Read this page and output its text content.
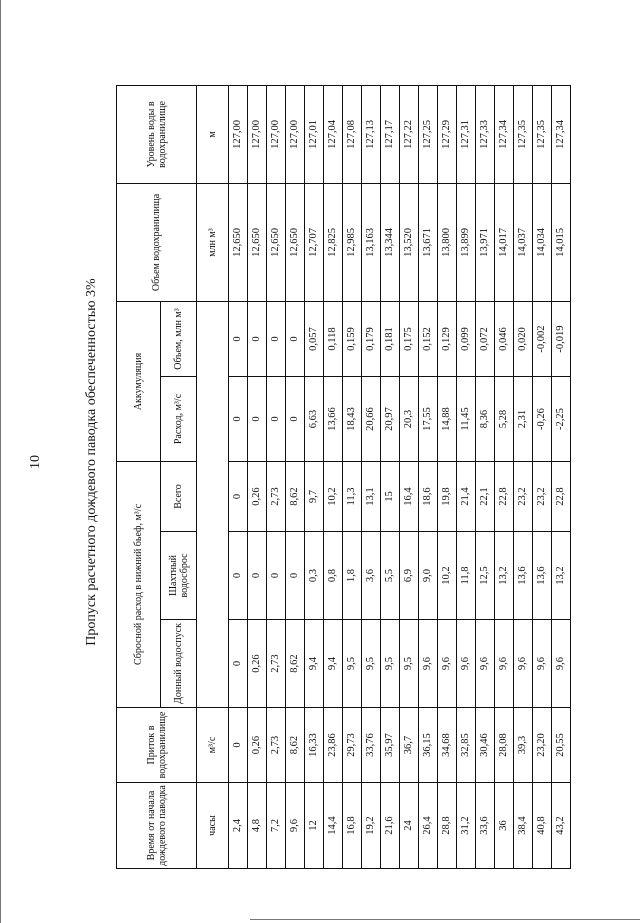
10	Пропуск расчетного дождевого паводка обеспеченностью 3%
Время от начала дождевого паводка	Приток в водохранилище	Сбросной расход в нижний бьеф, м³/с			Аккумуляция		Объем водохранилища	Уровень воды в водохранилище
		Донный водоспуск	Шахтный водосброс	Всего	Расход, м³/с	Объем, млн м³		
часы	м³/с						млн м³	м
2,4	0	0	0	0	0	0	12,650	127,00
4,8	0,26	0,26	0	0,26	0	0	12,650	127,00
7,2	2,73	2,73	0	2,73	0	0	12,650	127,00
9,6	8,62	8,62	0	8,62	0	0	12,650	127,00
12	16,33	9,4	0,3	9,7	6,63	0,057	12,707	127,01
14,4	23,86	9,4	0,8	10,2	13,66	0,118	12,825	127,04
16,8	29,73	9,5	1,8	11,3	18,43	0,159	12,985	127,08
19,2	33,76	9,5	3,6	13,1	20,66	0,179	13,163	127,13
21,6	35,97	9,5	5,5	15	20,97	0,181	13,344	127,17
24	36,7	9,5	6,9	16,4	20,3	0,175	13,520	127,22
26,4	36,15	9,6	9,0	18,6	17,55	0,152	13,671	127,25
28,8	34,68	9,6	10,2	19,8	14,88	0,129	13,800	127,29
31,2	32,85	9,6	11,8	21,4	11,45	0,099	13,899	127,31
33,6	30,46	9,6	12,5	22,1	8,36	0,072	13,971	127,33
36	28,08	9,6	13,2	22,8	5,28	0,046	14,017	127,34
38,4	39,3	9,6	13,6	23,2	2,31	0,020	14,037	127,35
40,8	23,20	9,6	13,6	23,2	-0,26	-0,002	14,034	127,35
43,2	20,55	9,6	13,2	22,8	-2,25	-0,019	14,015	127,34
